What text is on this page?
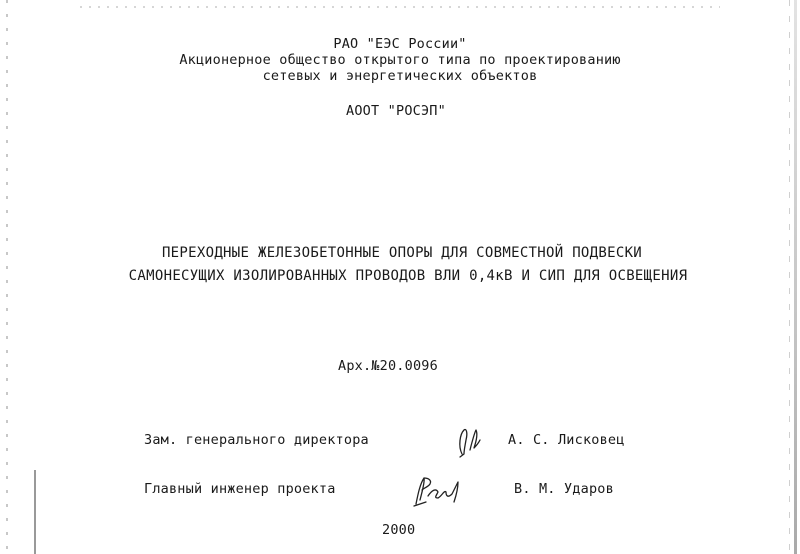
РАО "ЕЭС России"
Акционерное общество открытого типа по проектированию
сетевых и энергетических объектов
АООТ "РОСЭП"
ПЕРЕХОДНЫЕ ЖЕЛЕЗОБЕТОННЫЕ ОПОРЫ ДЛЯ СОВМЕСТНОЙ ПОДВЕСКИ
САМОНЕСУЩИХ ИЗОЛИРОВАННЫХ ПРОВОДОВ ВЛИ 0,4кВ И СИП ДЛЯ ОСВЕЩЕНИЯ
Арх.№20.0096
Зам. генерального директора	А. С. Лисковец
Главный инженер проекта	В. М. Ударов
2000
